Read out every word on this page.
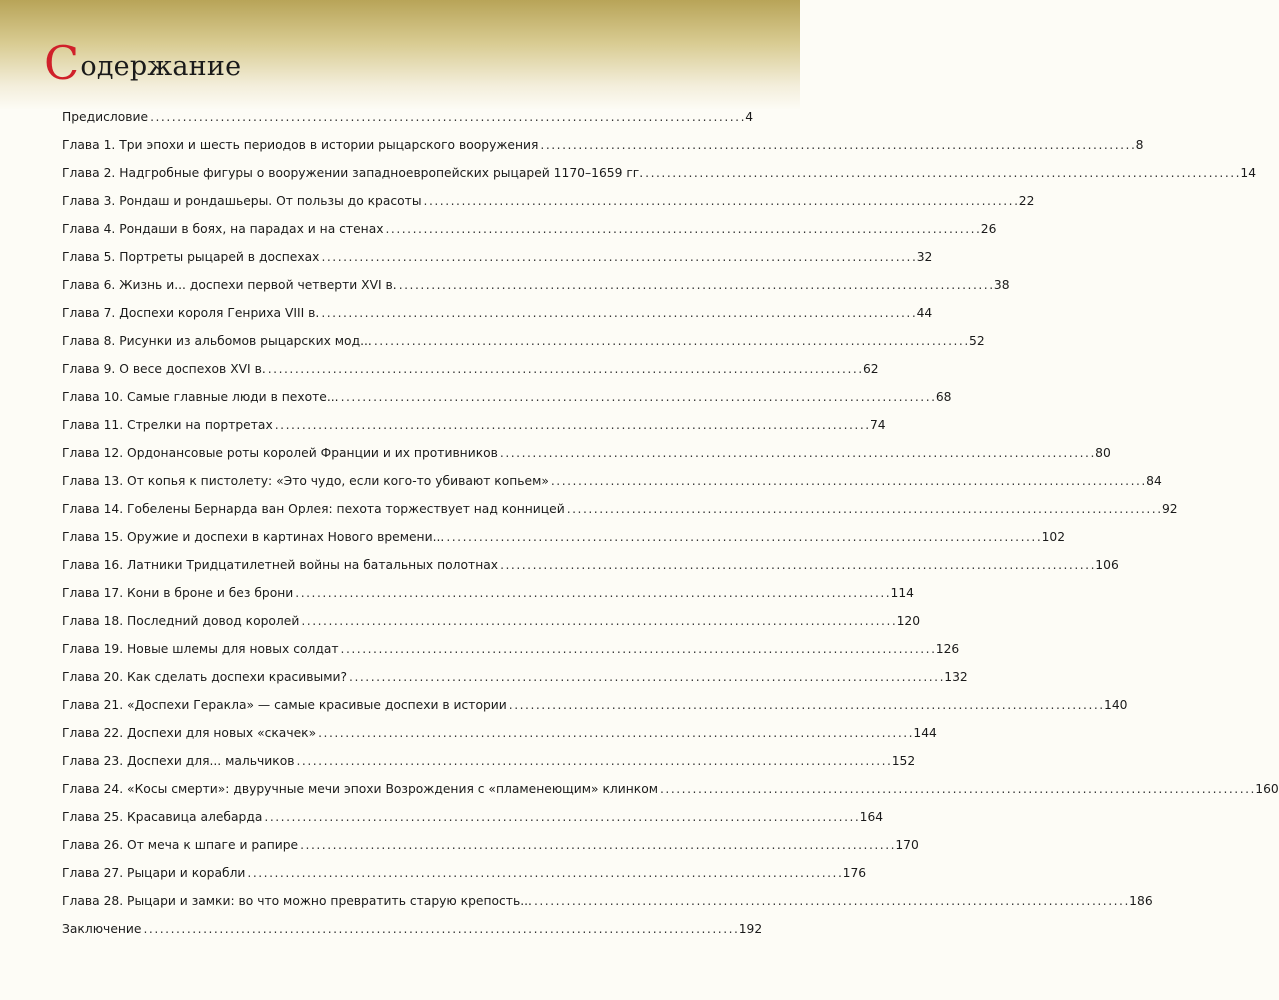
Содержание
Предисловие . . .	4
Глава 1. Три эпохи и шесть периодов в истории рыцарского вооружения . . .	8
Глава 2. Надгробные фигуры о вооружении западноевропейских рыцарей 1170–1659 гг. . . .	14
Глава 3. Рондаш и рондашьеры. От пользы до красоты . . .	22
Глава 4. Рондаши в боях, на парадах и на стенах . . .	26
Глава 5. Портреты рыцарей в доспехах . . .	32
Глава 6. Жизнь и... доспехи первой четверти XVI в. . . .	38
Глава 7. Доспехи короля Генриха VIII в. . . .	44
Глава 8. Рисунки из альбомов рыцарских мод... . . .	52
Глава 9. О весе доспехов XVI в. . . .	62
Глава 10. Самые главные люди в пехоте... . . .	68
Глава 11. Стрелки на портретах . . .	74
Глава 12. Ордонансовые роты королей Франции и их противников . . .	80
Глава 13. От копья к пистолету: «Это чудо, если кого-то убивают копьем» . . .	84
Глава 14. Гобелены Бернарда ван Орлея: пехота торжествует над конницей . . .	92
Глава 15. Оружие и доспехи в картинах Нового времени... . . .	102
Глава 16. Латники Тридцатилетней войны на батальных полотнах . . .	106
Глава 17. Кони в броне и без брони . . .	114
Глава 18. Последний довод королей . . .	120
Глава 19. Новые шлемы для новых солдат . . .	126
Глава 20. Как сделать доспехи красивыми? . . .	132
Глава 21. «Доспехи Геракла» — самые красивые доспехи в истории . . .	140
Глава 22. Доспехи для новых «скачек» . . .	144
Глава 23. Доспехи для... мальчиков . . .	152
Глава 24. «Косы смерти»: двуручные мечи эпохи Возрождения с «пламенеющим» клинком . . .	160
Глава 25. Красавица алебарда . . .	164
Глава 26. От меча к шпаге и рапире . . .	170
Глава 27. Рыцари и корабли . . .	176
Глава 28. Рыцари и замки: во что можно превратить старую крепость... . . .	186
Заключение . . .	192
